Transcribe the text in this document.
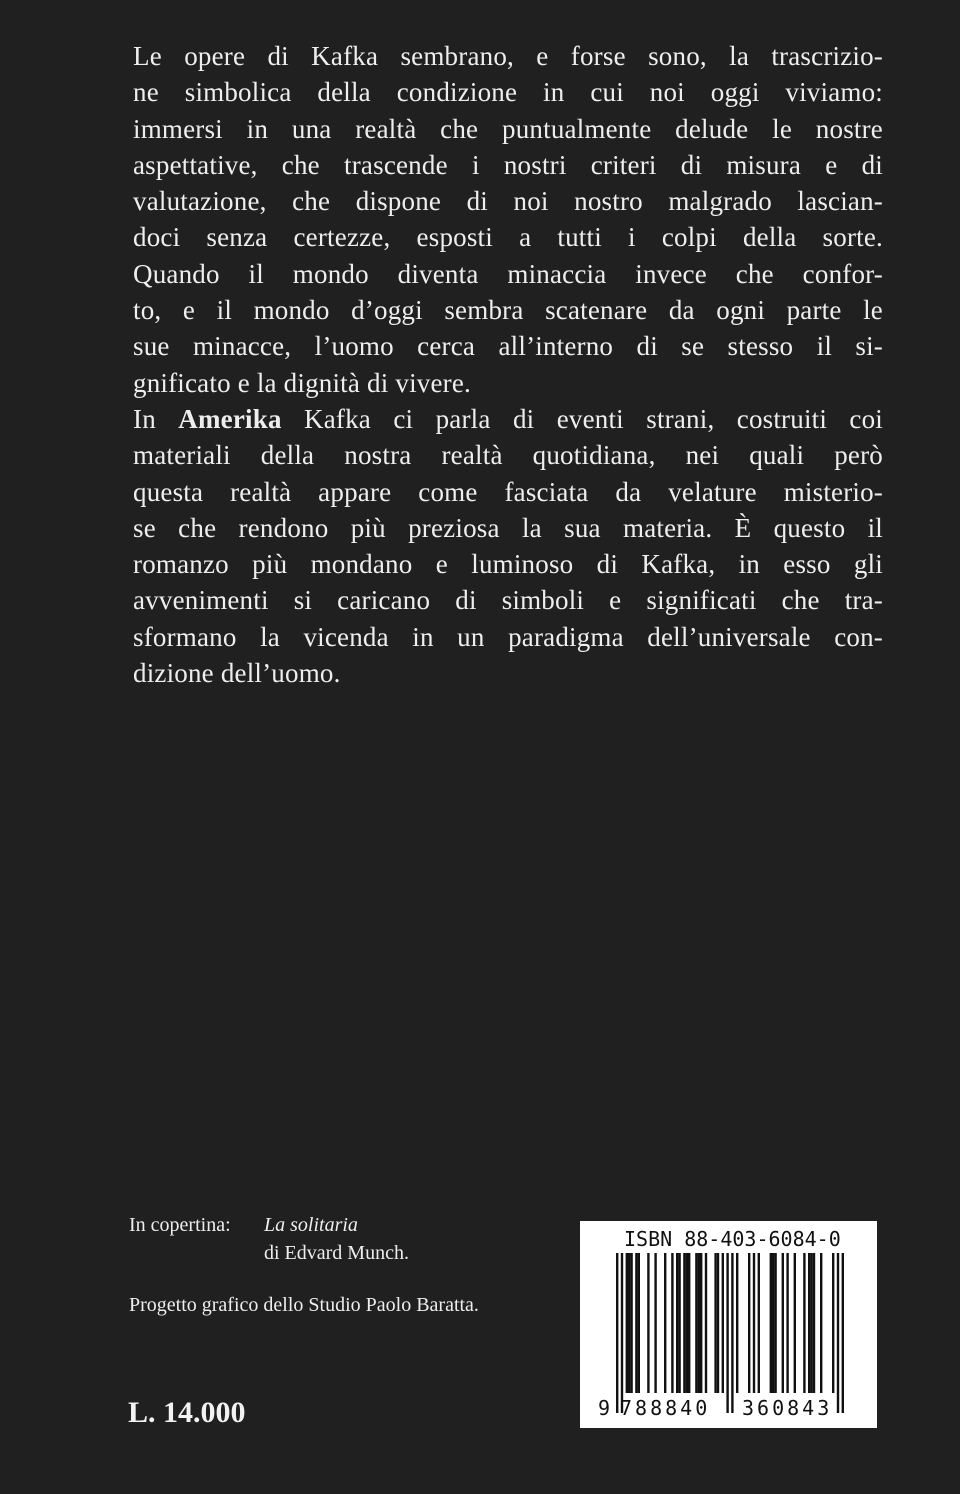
Le opere di Kafka sembrano, e forse sono, la trascrizio-
ne simbolica della condizione in cui noi oggi viviamo:
immersi in una realtà che puntualmente delude le nostre
aspettative, che trascende i nostri criteri di misura e di
valutazione, che dispone di noi nostro malgrado lascian-
doci senza certezze, esposti a tutti i colpi della sorte.
Quando il mondo diventa minaccia invece che confor-
to, e il mondo d’oggi sembra scatenare da ogni parte le
sue minacce, l’uomo cerca all’interno di se stesso il si-
gnificato e la dignità di vivere.
In Amerika Kafka ci parla di eventi strani, costruiti coi
materiali della nostra realtà quotidiana, nei quali però
questa realtà appare come fasciata da velature misterio-
se che rendono più preziosa la sua materia. È questo il
romanzo più mondano e luminoso di Kafka, in esso gli
avvenimenti si caricano di simboli e significati che tra-
sformano la vicenda in un paradigma dell’universale con-
dizione dell’uomo.
In copertina: La solitaria
di Edvard Munch.
Progetto grafico dello Studio Paolo Baratta.
L. 14.000
ISBN 88-403-6084-0
9 788840 360843
